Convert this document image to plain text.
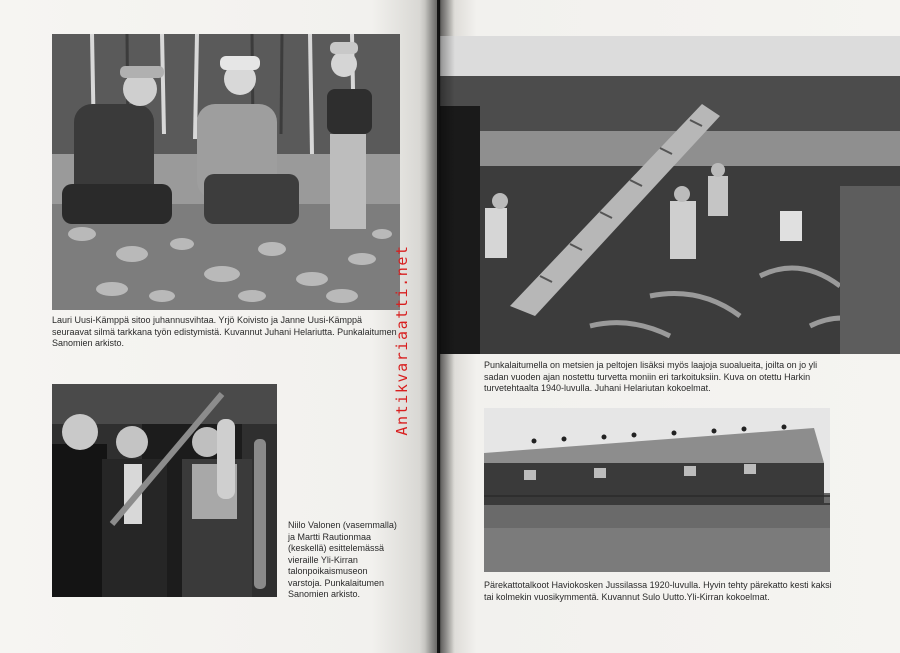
Lauri Uusi-Kämppä sitoo juhannusvihtaa. Yrjö Koivisto ja Janne Uusi-Kämppä seuraavat silmä tarkkana työn edistymistä. Kuvannut Juhani Helariutta. Punkalaitumen Sanomien arkisto.
Niilo Valonen (vasemmalla) ja Martti Rautionmaa (keskellä) esittelemässä vieraille Yli-Kirran talonpoikaismuseon varstoja. Punkalaitumen Sanomien arkisto.
Antikvariaatti.net	Punkalaitumella on metsien ja peltojen lisäksi myös laajoja suoalueita, joilta on jo yli sadan vuoden ajan nostettu turvetta moniin eri tarkoituksiin. Kuva on otettu Harkin turvetehtaalta 1940-luvulla. Juhani Helariutan kokoelmat.
Pärekattotalkoot Haviokosken Jussilassa 1920-luvulla. Hyvin tehty pärekatto kesti kaksi tai kolmekin vuosikymmentä. Kuvannut Sulo Uutto.Yli-Kirran kokoelmat.
